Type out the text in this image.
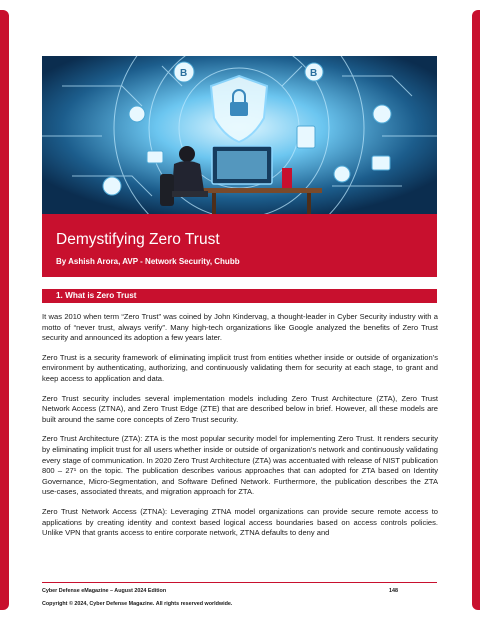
B	B
Demystifying Zero Trust
By Ashish Arora, AVP - Network Security, Chubb
1. What is Zero Trust

It was 2010 when term “Zero Trust” was coined by John Kindervag, a thought-leader in Cyber Security industry with a motto of “never trust, always verify”. Many high-tech organizations like Google analyzed the benefits of Zero Trust security and announced its adoption a few years later.

Zero Trust is a security framework of eliminating implicit trust from entities whether inside or outside of organization’s environment by authenticating, authorizing, and continuously validating them for security at each stage, to grant and keep access to application and data.

Zero Trust security includes several implementation models including Zero Trust Architecture (ZTA), Zero Trust Network Access (ZTNA), and Zero Trust Edge (ZTE) that are described below in brief. However, all these models are built around the same core concepts of Zero Trust security.

Zero Trust Architecture (ZTA): ZTA is the most popular security model for implementing Zero Trust. It renders security by eliminating implicit trust for all users whether inside or outside of organization’s network and continuously validating every stage of communication. In 2020 Zero Trust Architecture (ZTA) was accentuated with release of NIST publication 800 – 27¹ on the topic. The publication describes various approaches that can adopted for ZTA based on Identity Governance, Micro-Segmentation, and Software Defined Network. Furthermore, the publication describes the ZTA use-cases, associated threats, and migration approach for ZTA.

Zero Trust Network Access (ZTNA): Leveraging ZTNA model organizations can provide secure remote access to applications by creating identity and context based logical access boundaries based on access controls policies. Unlike VPN that grants access to entire corporate network, ZTNA defaults to deny and

Cyber Defense eMagazine – August 2024 Edition	148
Copyright © 2024, Cyber Defense Magazine. All rights reserved worldwide.
